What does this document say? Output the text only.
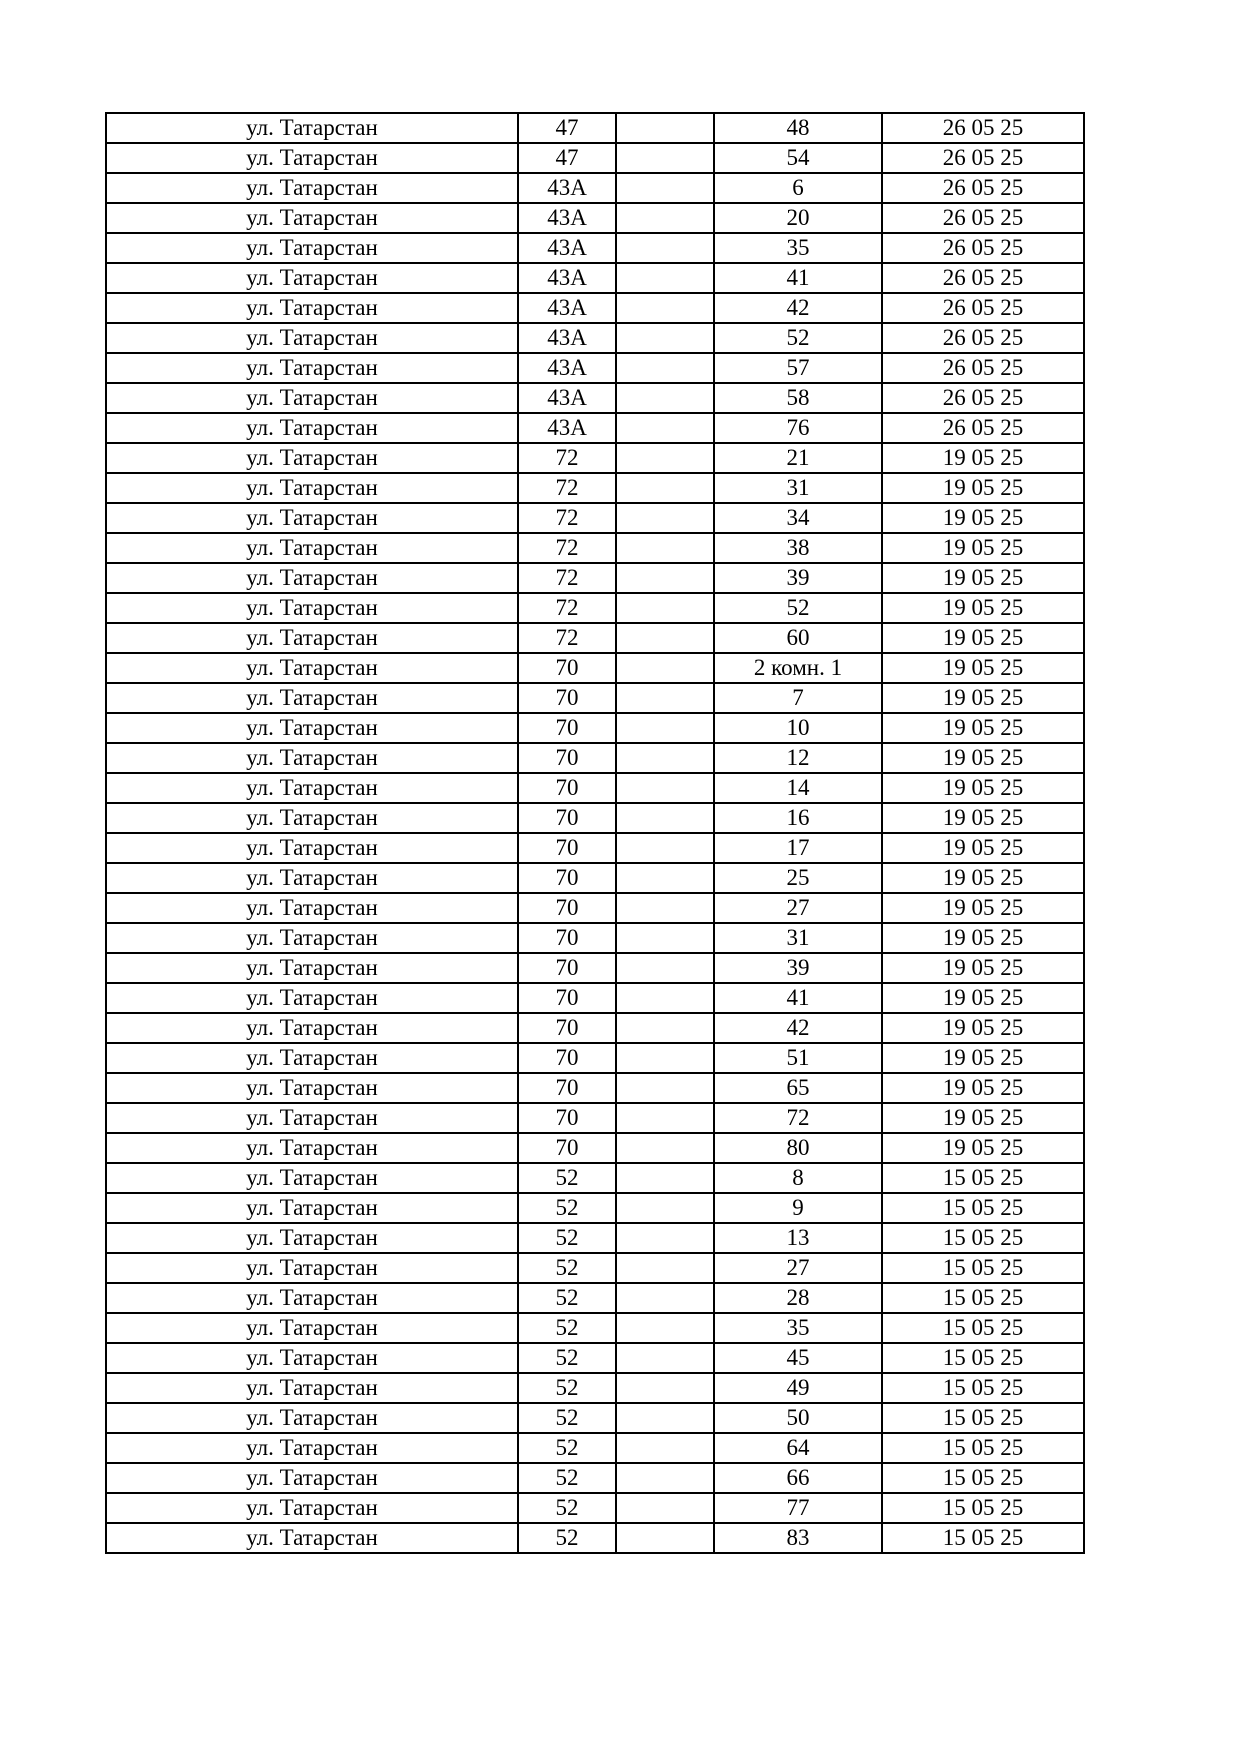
ул. Татарстан	47		48	26 05 25
ул. Татарстан	47		54	26 05 25
ул. Татарстан	43А		6	26 05 25
ул. Татарстан	43А		20	26 05 25
ул. Татарстан	43А		35	26 05 25
ул. Татарстан	43А		41	26 05 25
ул. Татарстан	43А		42	26 05 25
ул. Татарстан	43А		52	26 05 25
ул. Татарстан	43А		57	26 05 25
ул. Татарстан	43А		58	26 05 25
ул. Татарстан	43А		76	26 05 25
ул. Татарстан	72		21	19 05 25
ул. Татарстан	72		31	19 05 25
ул. Татарстан	72		34	19 05 25
ул. Татарстан	72		38	19 05 25
ул. Татарстан	72		39	19 05 25
ул. Татарстан	72		52	19 05 25
ул. Татарстан	72		60	19 05 25
ул. Татарстан	70		2 комн. 1	19 05 25
ул. Татарстан	70		7	19 05 25
ул. Татарстан	70		10	19 05 25
ул. Татарстан	70		12	19 05 25
ул. Татарстан	70		14	19 05 25
ул. Татарстан	70		16	19 05 25
ул. Татарстан	70		17	19 05 25
ул. Татарстан	70		25	19 05 25
ул. Татарстан	70		27	19 05 25
ул. Татарстан	70		31	19 05 25
ул. Татарстан	70		39	19 05 25
ул. Татарстан	70		41	19 05 25
ул. Татарстан	70		42	19 05 25
ул. Татарстан	70		51	19 05 25
ул. Татарстан	70		65	19 05 25
ул. Татарстан	70		72	19 05 25
ул. Татарстан	70		80	19 05 25
ул. Татарстан	52		8	15 05 25
ул. Татарстан	52		9	15 05 25
ул. Татарстан	52		13	15 05 25
ул. Татарстан	52		27	15 05 25
ул. Татарстан	52		28	15 05 25
ул. Татарстан	52		35	15 05 25
ул. Татарстан	52		45	15 05 25
ул. Татарстан	52		49	15 05 25
ул. Татарстан	52		50	15 05 25
ул. Татарстан	52		64	15 05 25
ул. Татарстан	52		66	15 05 25
ул. Татарстан	52		77	15 05 25
ул. Татарстан	52		83	15 05 25
